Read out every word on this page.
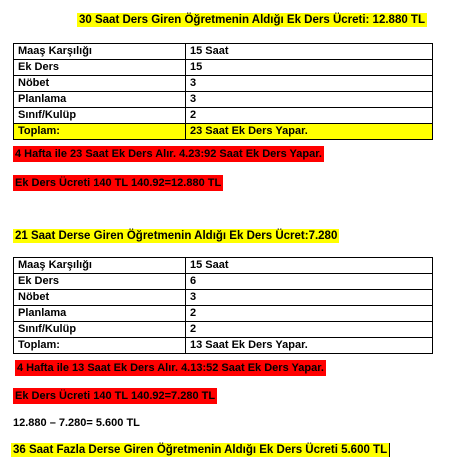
30 Saat Ders Giren Öğretmenin Aldığı Ek Ders Ücreti: 12.880 TL
Maaş Karşılığı	15 Saat
Ek Ders	15
Nöbet	3
Planlama	3
Sınıf/Kulüp	2
Toplam:	23 Saat Ek Ders Yapar.
4 Hafta ile 23 Saat Ek Ders Alır. 4.23:92 Saat Ek Ders Yapar.
Ek Ders Ücreti 140 TL 140.92=12.880 TL
21 Saat Derse Giren Öğretmenin Aldığı Ek Ders Ücret:7.280
Maaş Karşılığı	15 Saat
Ek Ders	6
Nöbet	3
Planlama	2
Sınıf/Kulüp	2
Toplam:	13 Saat Ek Ders Yapar.
4 Hafta ile 13 Saat Ek Ders Alır. 4.13:52 Saat Ek Ders Yapar.
Ek Ders Ücreti 140 TL 140.92=7.280 TL
12.880 – 7.280= 5.600 TL
36 Saat Fazla Derse Giren Öğretmenin Aldığı Ek Ders Ücreti 5.600 TL
